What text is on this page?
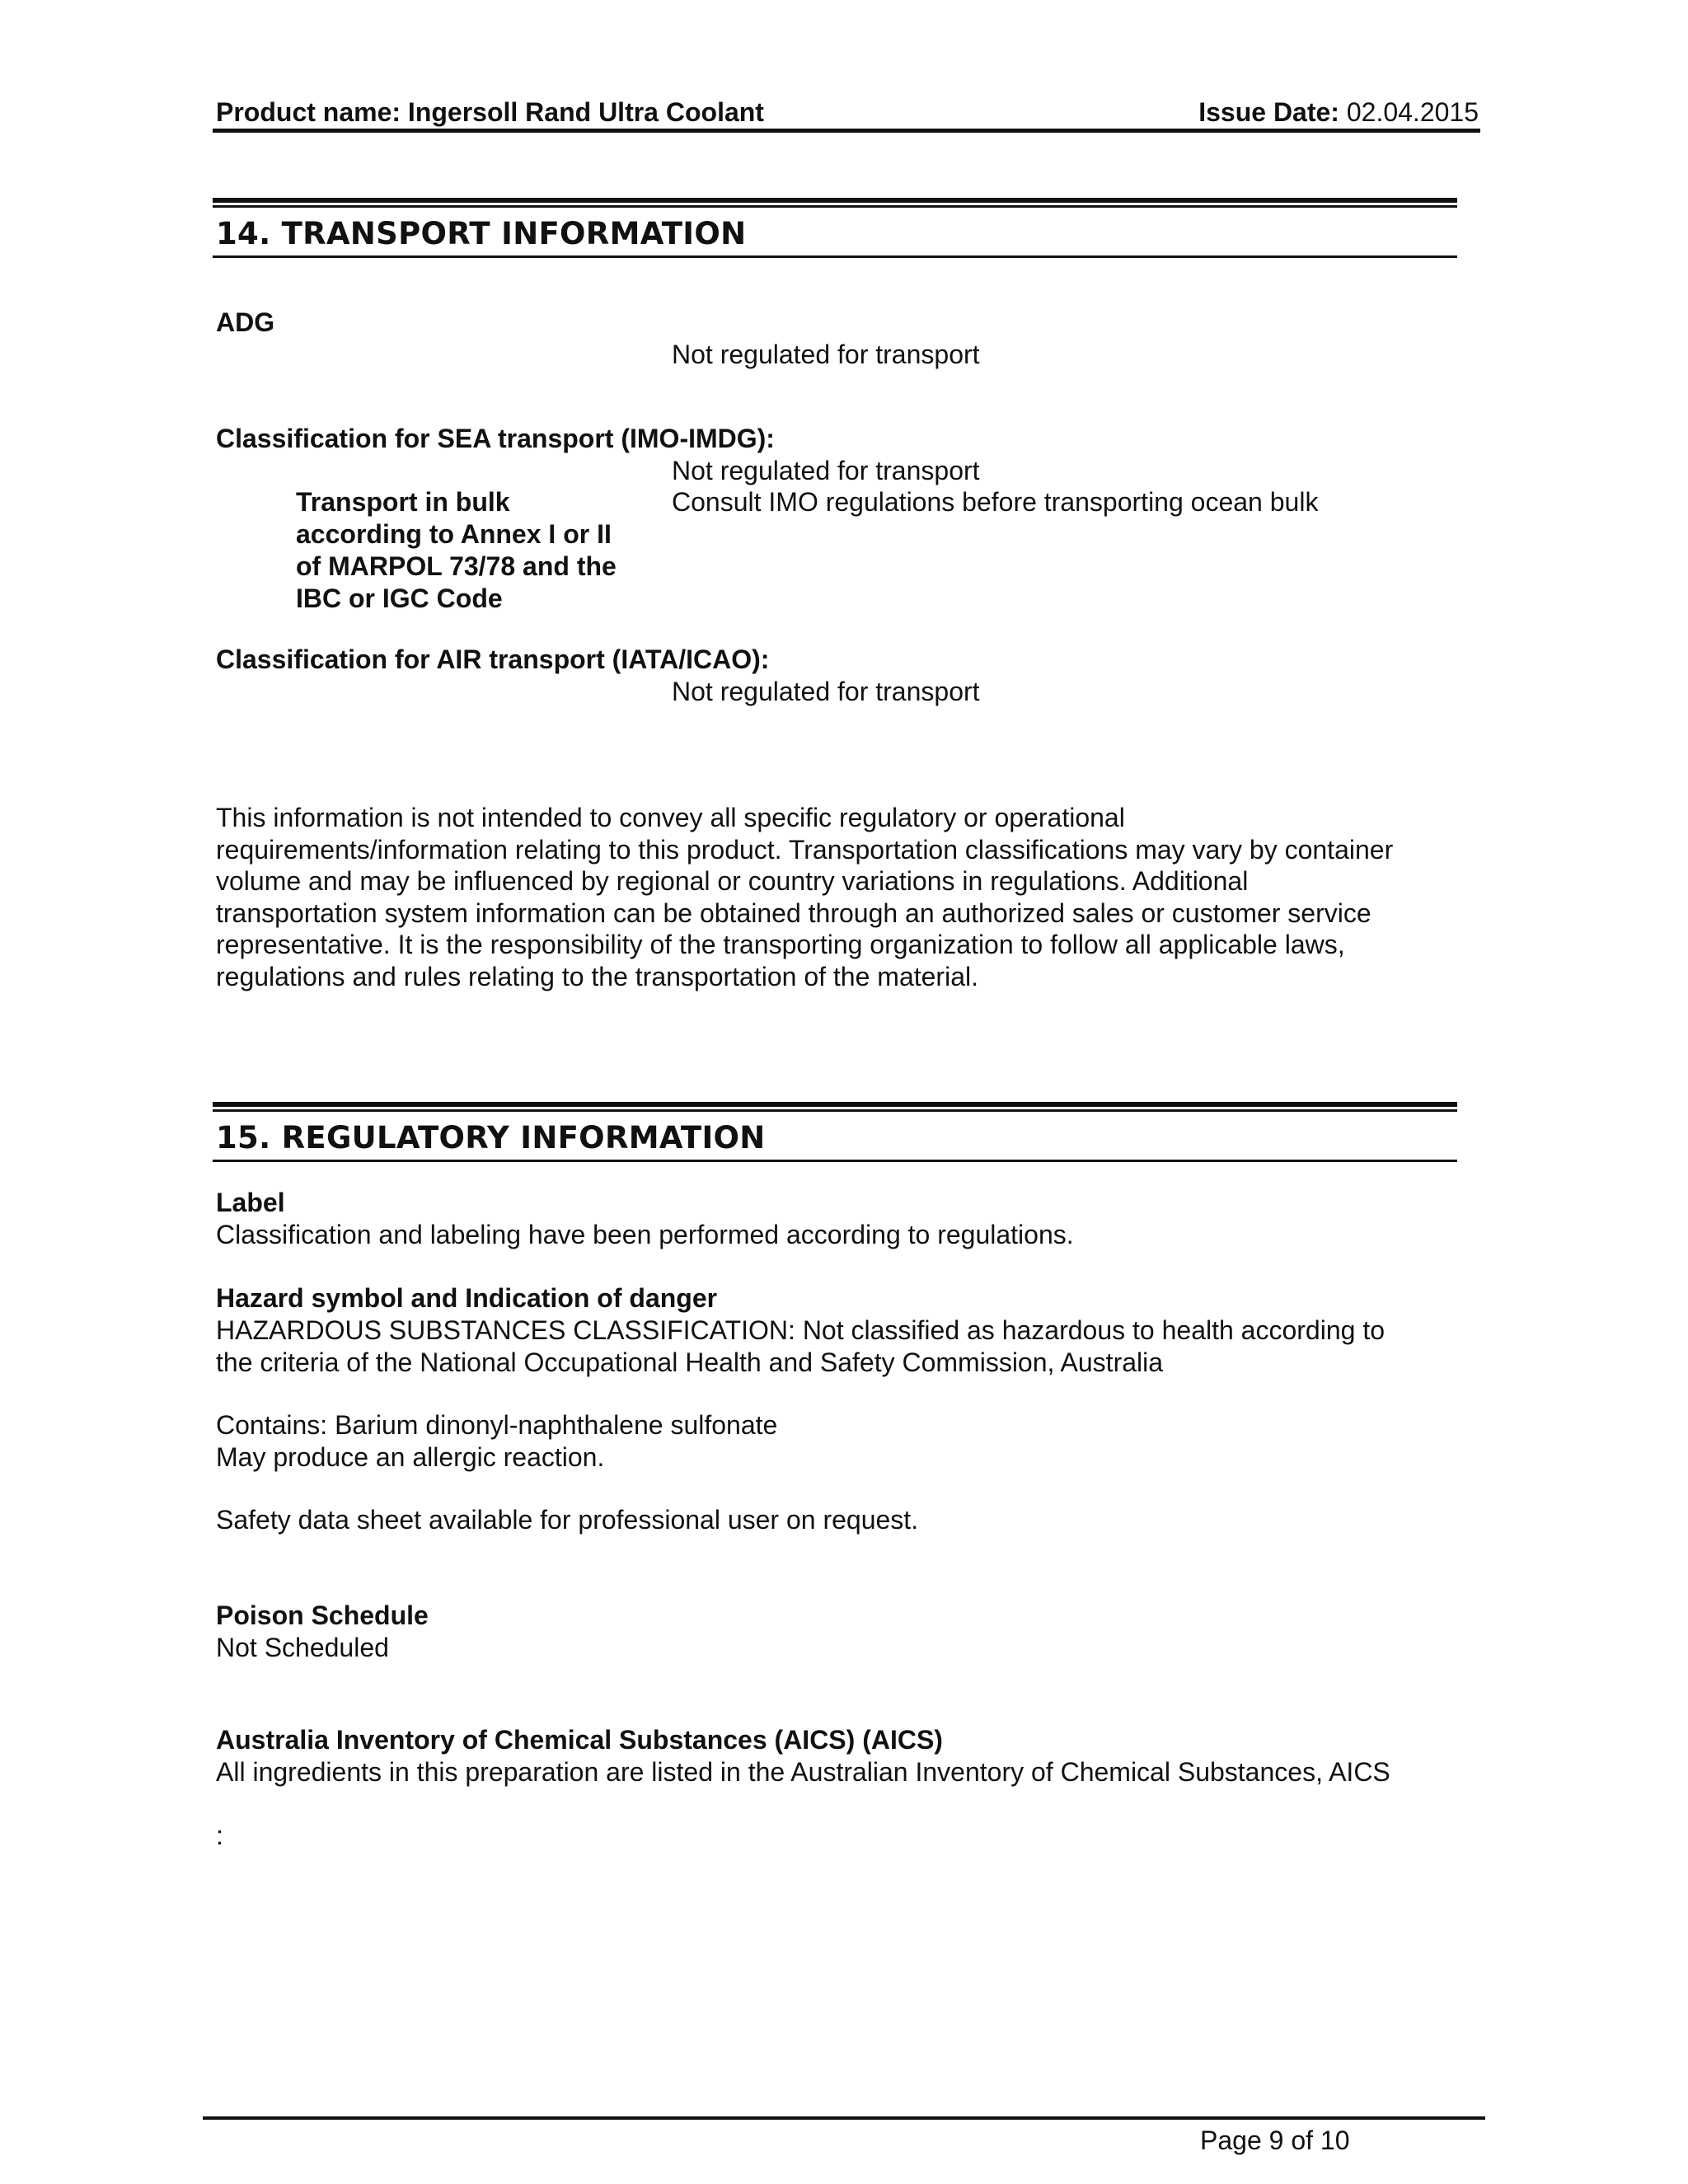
Product name: Ingersoll Rand Ultra Coolant	Issue Date: 02.04.2015
14. TRANSPORT INFORMATION
ADG
Not regulated for transport
Classification for SEA transport (IMO-IMDG):
Not regulated for transport
Transport in bulk
according to Annex I or II
of MARPOL 73/78 and the
IBC or IGC Code
Consult IMO regulations before transporting ocean bulk
Classification for AIR transport (IATA/ICAO):
Not regulated for transport
This information is not intended to convey all specific regulatory or operational
requirements/information relating to this product. Transportation classifications may vary by container
volume and may be influenced by regional or country variations in regulations. Additional
transportation system information can be obtained through an authorized sales or customer service
representative. It is the responsibility of the transporting organization to follow all applicable laws,
regulations and rules relating to the transportation of the material.
15. REGULATORY INFORMATION
Label
Classification and labeling have been performed according to regulations.
Hazard symbol and Indication of danger
HAZARDOUS SUBSTANCES CLASSIFICATION: Not classified as hazardous to health according to
the criteria of the National Occupational Health and Safety Commission, Australia
Contains: Barium dinonyl-naphthalene sulfonate
May produce an allergic reaction.
Safety data sheet available for professional user on request.
Poison Schedule
Not Scheduled
Australia Inventory of Chemical Substances (AICS) (AICS)
All ingredients in this preparation are listed in the Australian Inventory of Chemical Substances, AICS
:
Page 9 of 10
